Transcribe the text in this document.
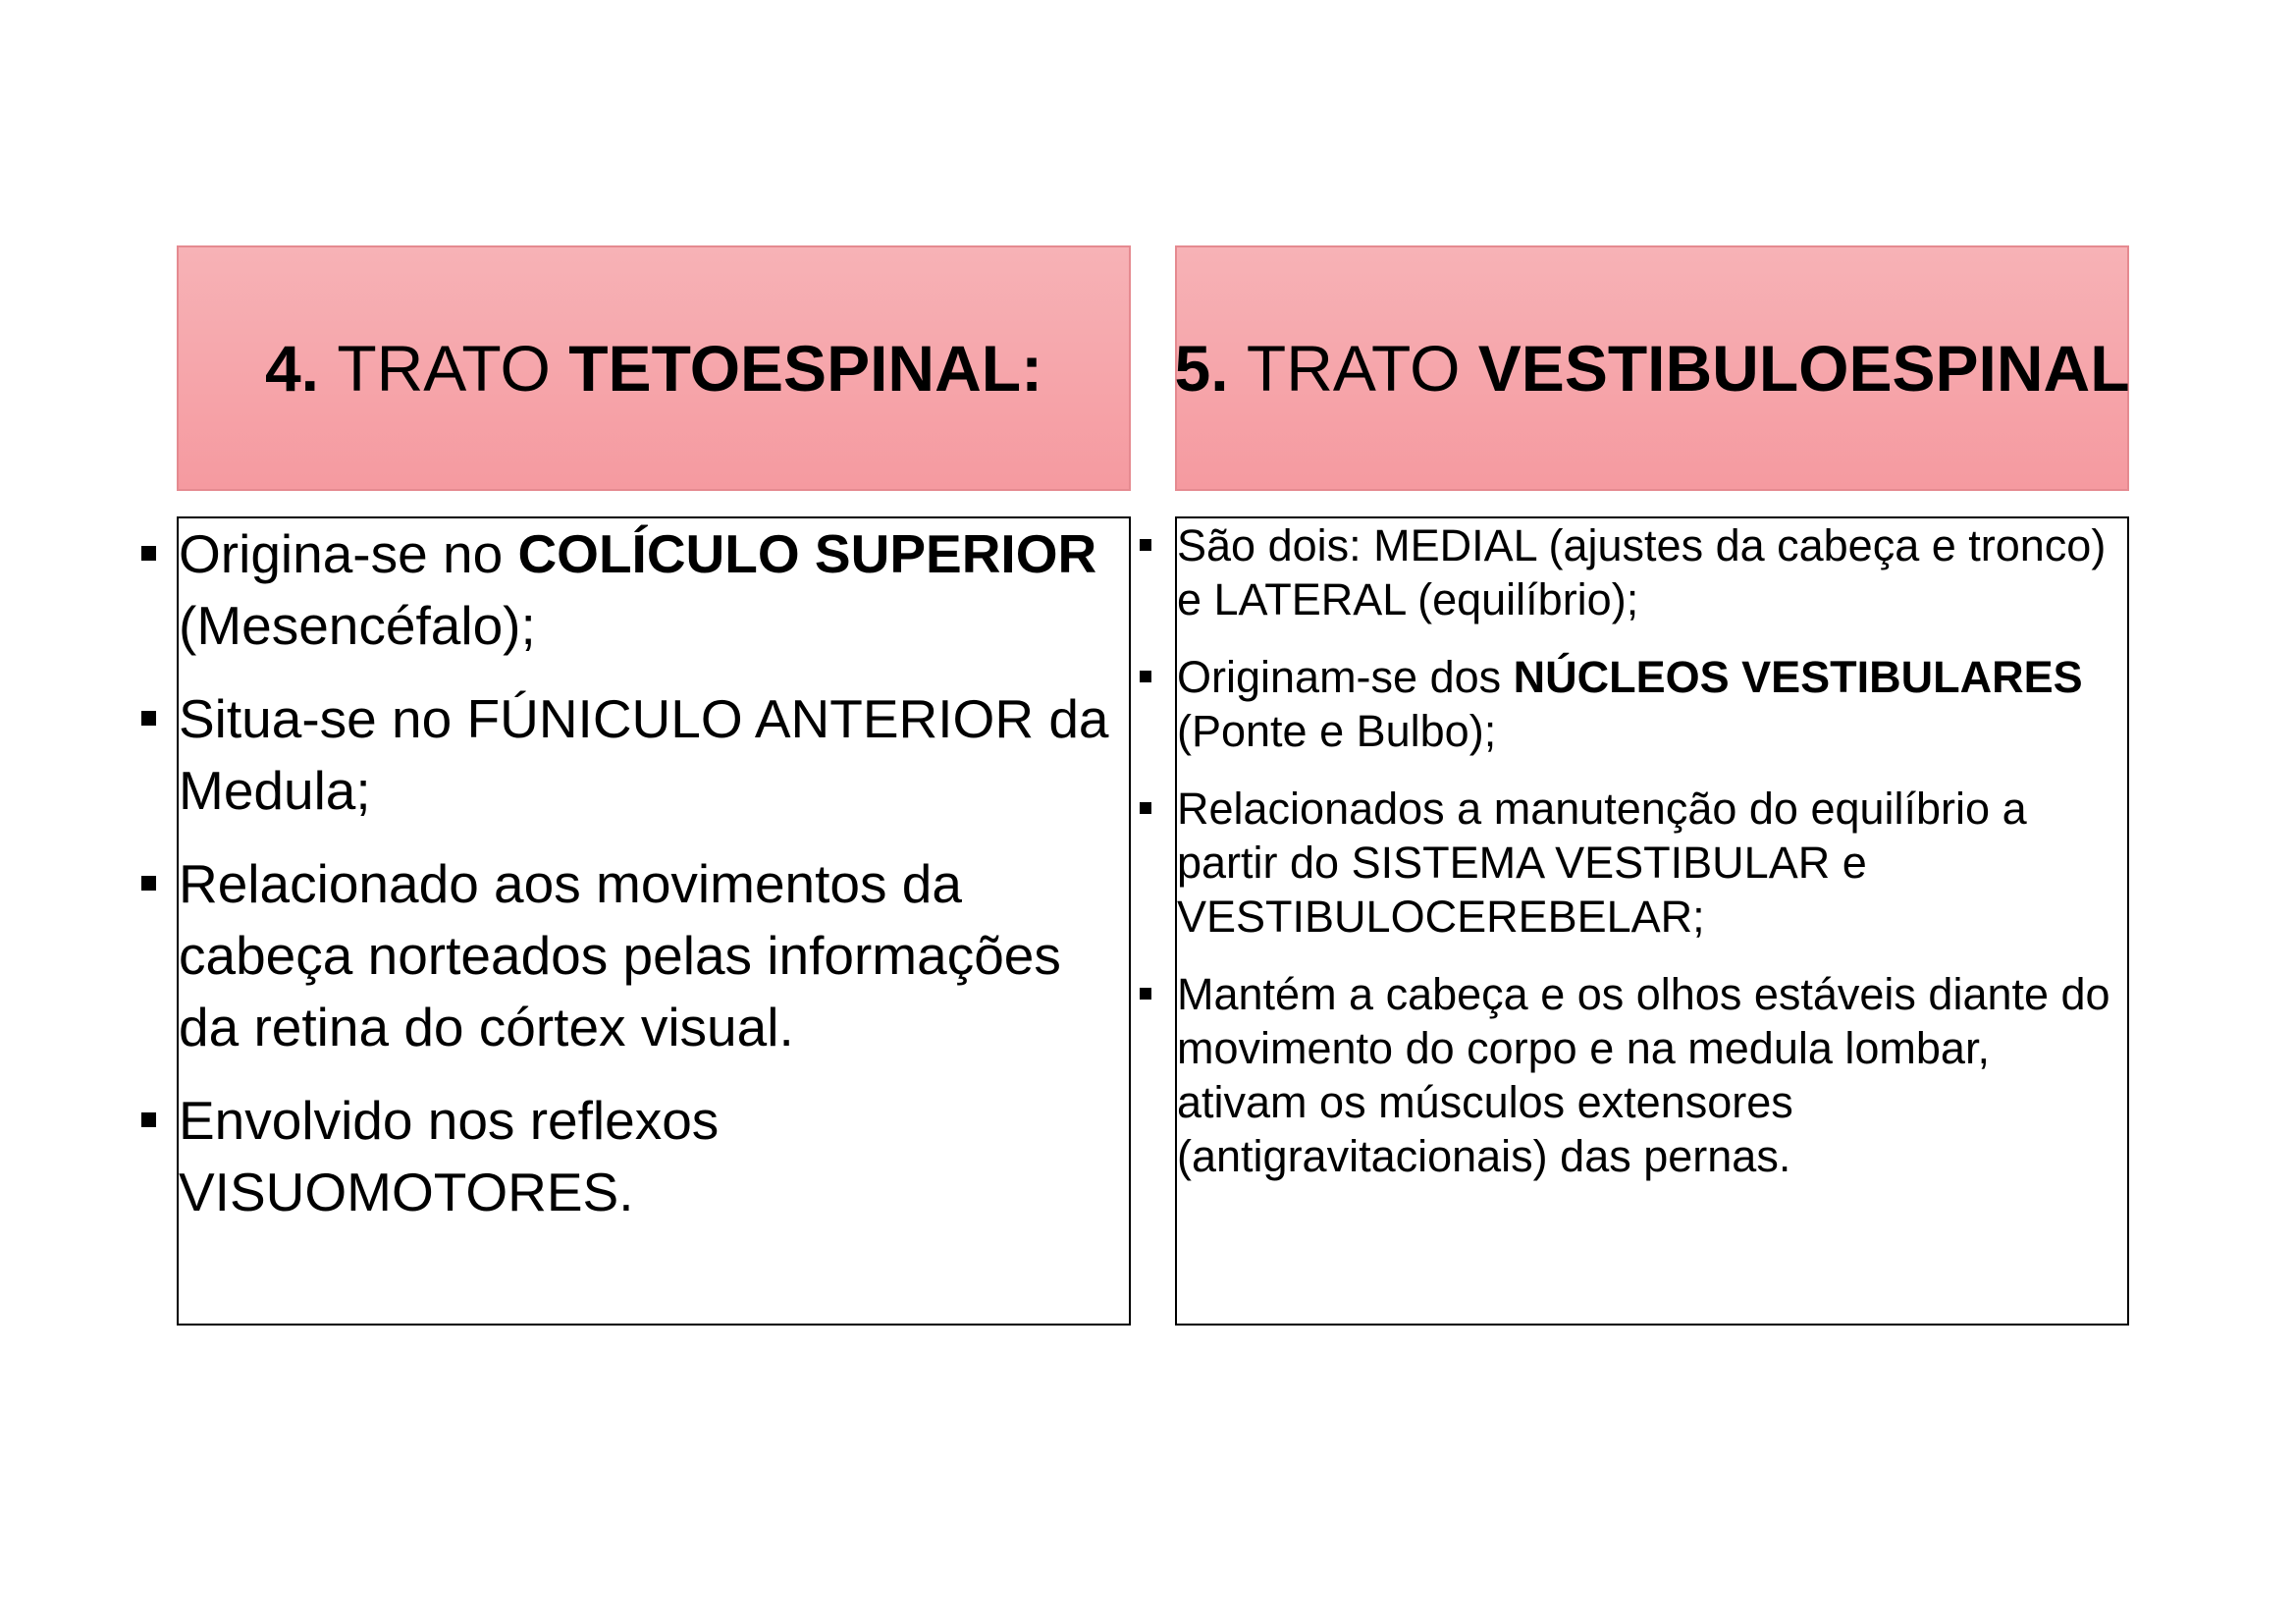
4.
TRATO
TETOESPINAL: 5.
TRATO
VESTIBULOESPINAL
Origina-se no COLÍCULO SUPERIOR (Mesencéfalo);
Situa-se no FÚNICULO ANTERIOR da Medula;
Relacionado aos movimentos da cabeça norteados pelas informações da retina do córtex visual.
Envolvido nos reflexos VISUOMOTORES.
São dois: MEDIAL (ajustes da cabeça e tronco) e LATERAL (equilíbrio);
Originam-se dos NÚCLEOS VESTIBULARES (Ponte e Bulbo);
Relacionados a manutenção do equilíbrio a partir do SISTEMA VESTIBULAR e VESTIBULOCEREBELAR;
Mantém a cabeça e os olhos estáveis diante do movimento do corpo e na medula lombar, ativam os músculos extensores (antigravitacionais) das pernas.
